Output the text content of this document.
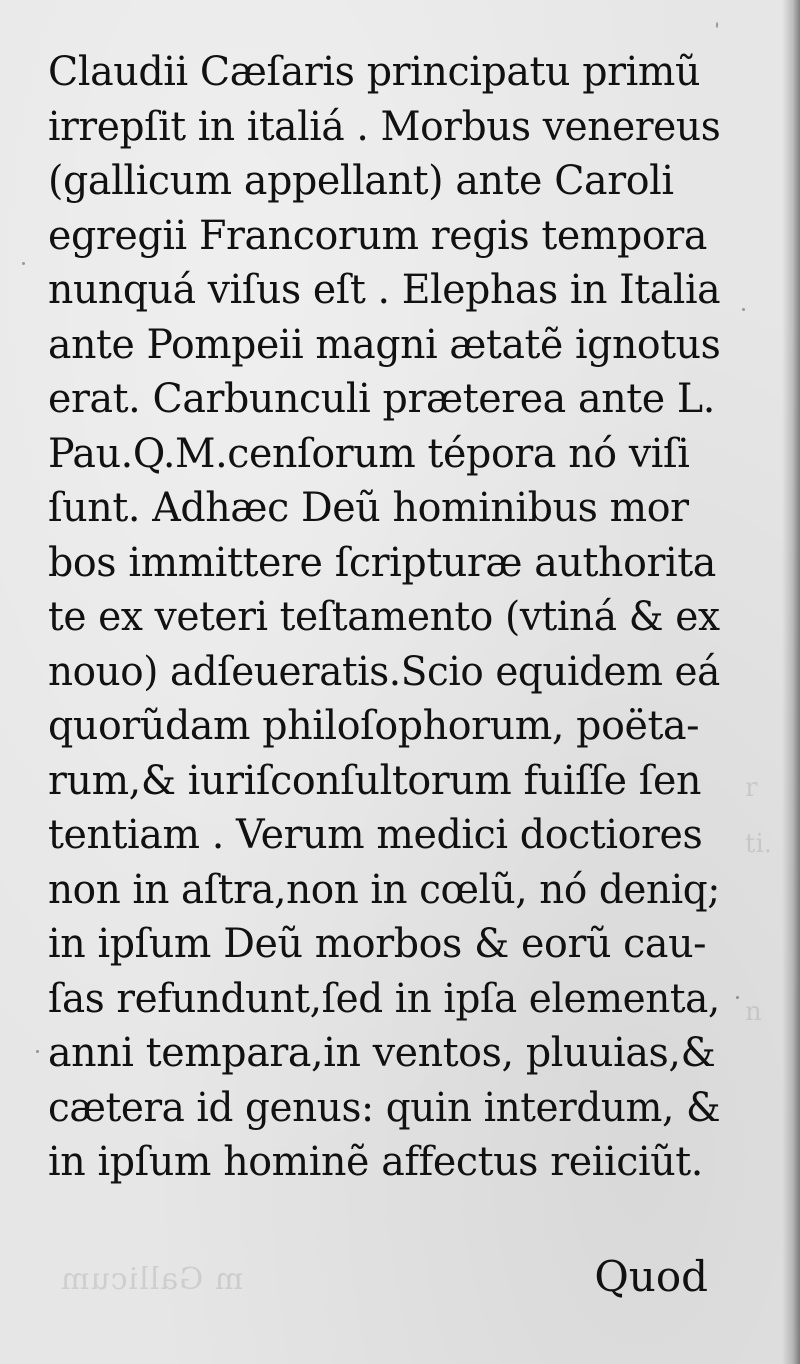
r
ti.

n
m Gallicum
Claudii Cæſaris principatu primũ
irrepſit in italiá . Morbus venereus
(gallicum appellant) ante Caroli
egregii Francorum regis tempora
nunquá viſus eſt . Elephas in Italia
ante Pompeii magni ætatẽ ignotus
erat. Carbunculi præterea ante L.
Pau.Q.M.cenſorum tépora nó viſi
ſunt. Adhæc Deũ hominibus mor
bos immittere ſcripturæ authorita
te ex veteri teſtamento (vtiná & ex
nouo) adſeueratis.Scio equidem eá
quorũdam philoſophorum, poëta-
rum,& iuriſconſultorum fuiſſe ſen
tentiam . Verum medici doctiores
non in aſtra,non in cœlũ, nó deniq;
in ipſum Deũ morbos & eorũ cau-
ſas refundunt,ſed in ipſa elementa,
anni tempara,in ventos, pluuias,&
cætera id genus: quin interdum, &
in ipſum hominẽ affectus reiiciũt.
Quod
